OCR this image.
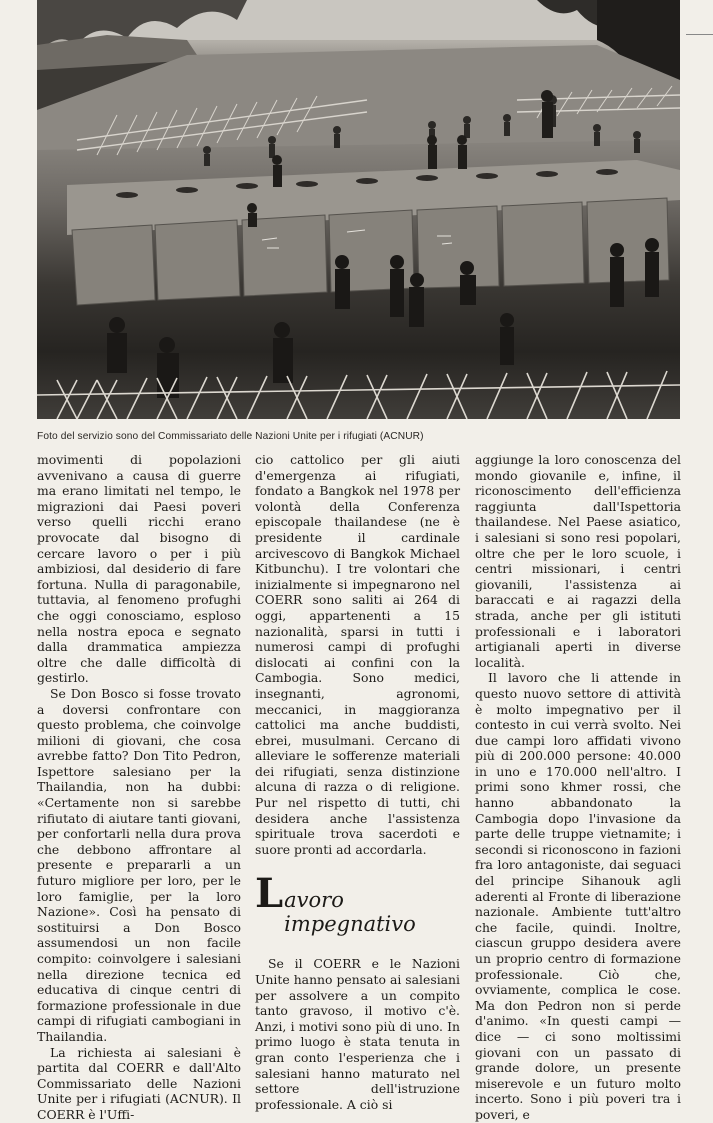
Foto del servizio sono del Commissariato delle Nazioni Unite per i rifugiati (ACNUR)

movimenti di popolazioni avvenivano a causa di guerre ma erano limitati nel tempo, le migrazioni dai Paesi poveri verso quelli ricchi erano provocate dal bisogno di cercare lavoro o per i più ambiziosi, dal desiderio di fare fortuna. Nulla di paragonabile, tuttavia, al fenomeno profughi che oggi conosciamo, esploso nella nostra epoca e segnato dalla drammatica ampiezza oltre che dalle difficoltà di gestirlo.

Se Don Bosco si fosse trovato a doversi confrontare con questo problema, che coinvolge milioni di giovani, che cosa avrebbe fatto? Don Tito Pedron, Ispettore salesiano per la Thailandia, non ha dubbi: «Certamente non si sarebbe rifiutato di aiutare tanti giovani, per confortarli nella dura prova che debbono affrontare al presente e prepararli a un futuro migliore per loro, per le loro famiglie, per la loro Nazione». Così ha pensato di sostituirsi a Don Bosco assumendosi un non facile compito: coinvolgere i salesiani nella direzione tecnica ed educativa di cinque centri di formazione professionale in due campi di rifugiati cambogiani in Thailandia.

La richiesta ai salesiani è partita dal COERR e dall'Alto Commissariato delle Nazioni Unite per i rifugiati (ACNUR). Il COERR è l'Uffi-

cio cattolico per gli aiuti d'emergenza ai rifugiati, fondato a Bangkok nel 1978 per volontà della Conferenza episcopale thailandese (ne è presidente il cardinale arcivescovo di Bangkok Michael Kitbunchu). I tre volontari che inizialmente si impegnarono nel COERR sono saliti ai 264 di oggi, appartenenti a 15 nazionalità, sparsi in tutti i numerosi campi di profughi dislocati ai confini con la Cambogia. Sono medici, insegnanti, agronomi, meccanici, in maggioranza cattolici ma anche buddisti, ebrei, musulmani. Cercano di alleviare le sofferenze materiali dei rifugiati, senza distinzione alcuna di razza o di religione. Pur nel rispetto di tutti, chi desidera anche l'assistenza spirituale trova sacerdoti e suore pronti ad accordarla.

L avoro impegnativo

Se il COERR e le Nazioni Unite hanno pensato ai salesiani per assolvere a un compito tanto gravoso, il motivo c'è. Anzi, i motivi sono più di uno. In primo luogo è stata tenuta in gran conto l'esperienza che i salesiani hanno maturato nel settore dell'istruzione professionale. A ciò si

aggiunge la loro conoscenza del mondo giovanile e, infine, il riconoscimento dell'efficienza raggiunta dall'Ispettoria thailandese. Nel Paese asiatico, i salesiani si sono resi popolari, oltre che per le loro scuole, i centri missionari, i centri giovanili, l'assistenza ai baraccati e ai ragazzi della strada, anche per gli istituti professionali e i laboratori artigianali aperti in diverse località.

Il lavoro che li attende in questo nuovo settore di attività è molto impegnativo per il contesto in cui verrà svolto. Nei due campi loro affidati vivono più di 200.000 persone: 40.000 in uno e 170.000 nell'altro. I primi sono khmer rossi, che hanno abbandonato la Cambogia dopo l'invasione da parte delle truppe vietnamite; i secondi si riconoscono in fazioni fra loro antagoniste, dai seguaci del principe Sihanouk agli aderenti al Fronte di liberazione nazionale. Ambiente tutt'altro che facile, quindi. Inoltre, ciascun gruppo desidera avere un proprio centro di formazione professionale. Ciò che, ovviamente, complica le cose. Ma don Pedron non si perde d'animo. «In questi campi — dice — ci sono moltissimi giovani con un passato di grande dolore, un presente miserevole e un futuro molto incerto. Sono i più poveri tra i poveri, e
